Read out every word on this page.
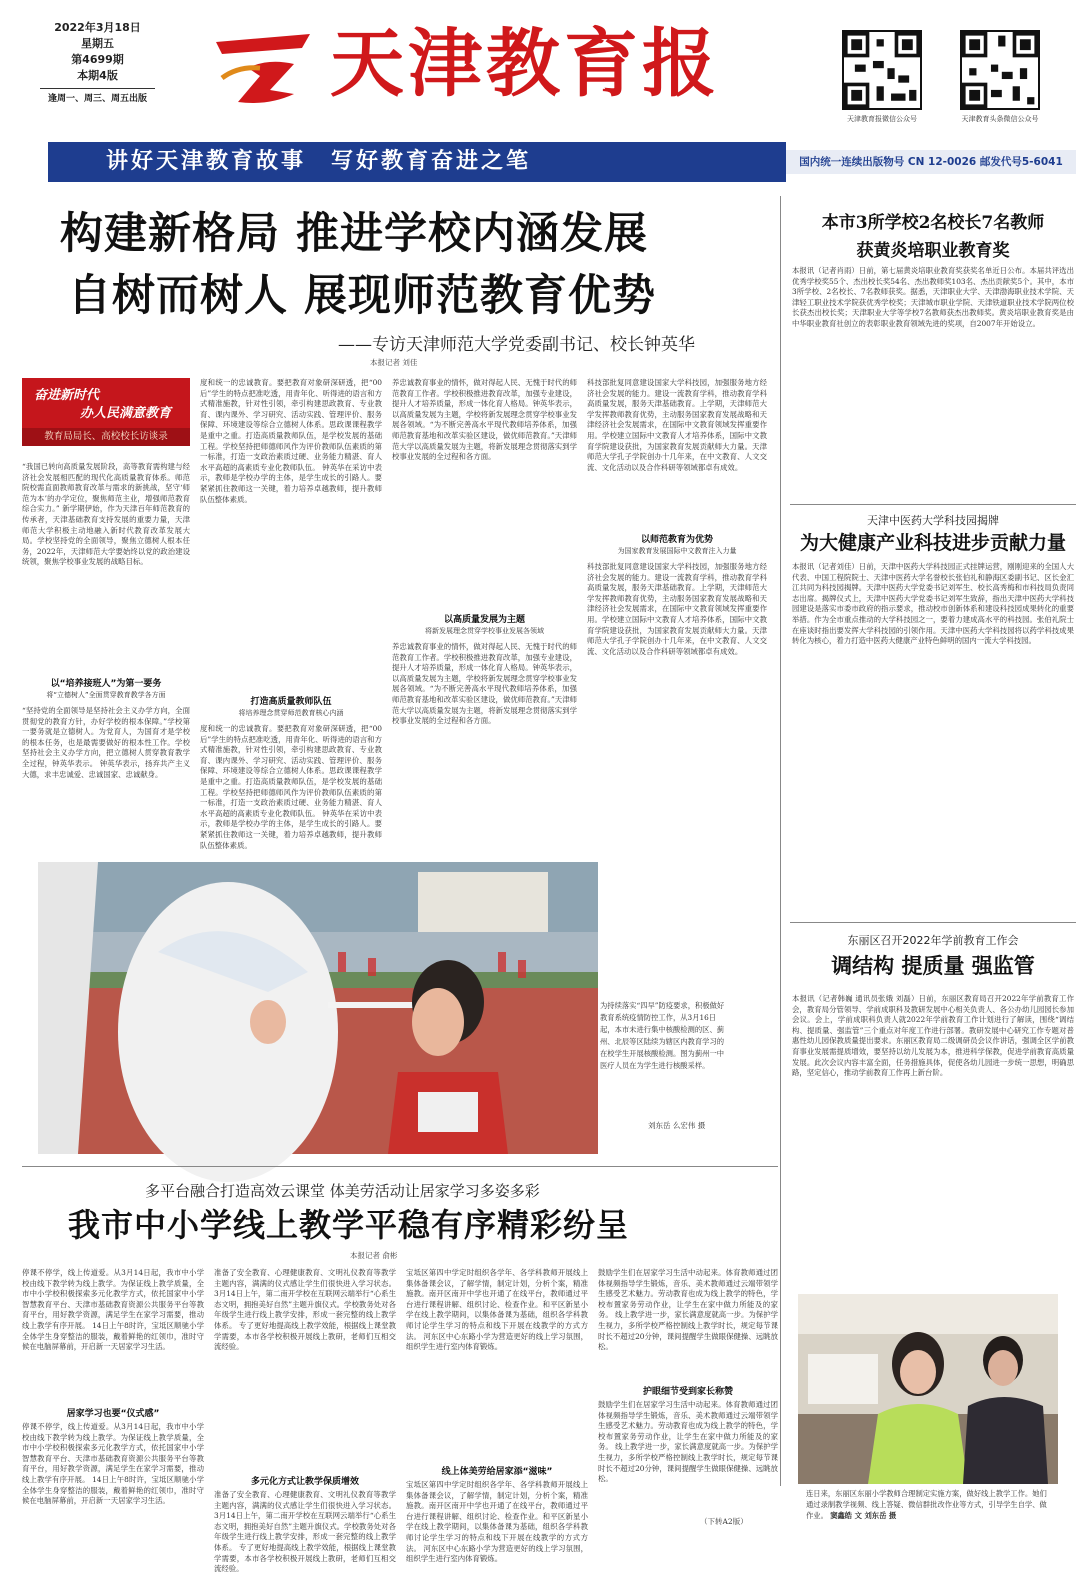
2022年3月18日
星期五
第4699期
本期4版
逢周一、周三、周五出版 天津教育报
天津教育报微信公众号	天津教育头条微信公众号
讲好天津教育故事　写好教育奋进之笔	国内统一连续出版物号 CN 12-0026 邮发代号5-6041
构建新格局 推进学校内涵发展
自树而树人 展现师范教育优势
——专访天津师范大学党委副书记、校长钟英华
本报记者 刘佳
奋进新时代
办人民满意教育
教育局局长、高校校长访谈录
“我国已转向高质量发展阶段，高等教育需构建与经济社会发展相匹配的现代化高质量教育体系。师范院校需直面教师教育改革与需求的新挑战，坚守‘师范为本’的办学定位，聚焦师范主业，增强师范教育综合实力。” 新学期伊始，作为天津百年师范教育的传承者，天津基础教育支持发展的重要力量，天津师范大学积极主动地融入新时代教育改革发展大局。学校坚持党的全面领导，聚焦立德树人根本任务，2022年，天津师范大学要始终以党的政治建设统领，聚焦学校事业发展的战略目标。
以“培养接班人”为第一要务
将“立德树人”全面贯穿教育教学各方面
“坚持党的全面领导是坚持社会主义办学方向，全面贯彻党的教育方针，办好学校的根本保障。”学校第一要务就是立德树人。为党育人，为国育才是学校的根本任务，也是最需要做好的根本性工作。学校坚持社会主义办学方向，把立德树人贯穿教育教学全过程，钟英华表示。 钟英华表示，扬弃共产主义大德，求丰忠诚爱、忠诚国家、忠诚献身。
度和统一的忠诚教育。要把教育对象研深研透，把“00后”学生的特点把准吃透，用青年化、听得进的语言和方式精准施教，针对性引领，牵引构建思政教育、专业教育、课内课外、学习研究、活动实践、管理评价、服务保障、环境建设等综合立德树人体系。思政课课程教学是重中之重。打造高质量教师队伍，是学校发展的基础工程。学校坚持把师德师风作为评价教师队伍素质的第一标准，打造一支政治素质过硬、业务能力精湛、育人水平高超的高素质专业化教师队伍。 钟英华在采访中表示，教师是学校办学的主体，是学生成长的引路人。要紧紧抓住教师这一关键，着力培养卓越教师，提升教师队伍整体素质。
打造高质量教师队伍
将培养理念贯穿师范教育核心内涵
度和统一的忠诚教育。要把教育对象研深研透，把“00后”学生的特点把准吃透，用青年化、听得进的语言和方式精准施教，针对性引领，牵引构建思政教育、专业教育、课内课外、学习研究、活动实践、管理评价、服务保障、环境建设等综合立德树人体系。思政课课程教学是重中之重。打造高质量教师队伍，是学校发展的基础工程。学校坚持把师德师风作为评价教师队伍素质的第一标准，打造一支政治素质过硬、业务能力精湛、育人水平高超的高素质专业化教师队伍。 钟英华在采访中表示，教师是学校办学的主体，是学生成长的引路人。要紧紧抓住教师这一关键，着力培养卓越教师，提升教师队伍整体素质。
养忠诚教育事业的情怀，做对得起人民、无愧于时代的师范教育工作者。学校积极推进教育改革，加强专业建设，提升人才培养质量，形成一体化育人格局。钟英华表示，以高质量发展为主题，学校将新发展理念贯穿学校事业发展各领域。“为不断完善高水平现代教师培养体系，加强师范教育基地和改革实验区建设，做优师范教育。”天津师范大学以高质量发展为主题，将新发展理念贯彻落实到学校事业发展的全过程和各方面。
以高质量发展为主题
将新发展理念贯穿学校事业发展各领域
养忠诚教育事业的情怀，做对得起人民、无愧于时代的师范教育工作者。学校积极推进教育改革，加强专业建设，提升人才培养质量，形成一体化育人格局。钟英华表示，以高质量发展为主题，学校将新发展理念贯穿学校事业发展各领域。“为不断完善高水平现代教师培养体系，加强师范教育基地和改革实验区建设，做优师范教育。”天津师范大学以高质量发展为主题，将新发展理念贯彻落实到学校事业发展的全过程和各方面。
科技部批复同意建设国家大学科技园，加强服务地方经济社会发展的能力。建设一流教育学科，推动教育学科高质量发展，服务天津基础教育。上学期，天津师范大学发挥教师教育优势，主动服务国家教育发展战略和天津经济社会发展需求，在国际中文教育领域发挥重要作用。学校建立国际中文教育人才培养体系，国际中文教育学院建设获批，为国家教育发展贡献师大力量。天津师范大学孔子学院创办十几年来，在中文教育、人文交流、文化活动以及合作科研等领域都卓有成效。
以师范教育为优势
为国家教育发展国际中文教育注入力量
科技部批复同意建设国家大学科技园，加强服务地方经济社会发展的能力。建设一流教育学科，推动教育学科高质量发展，服务天津基础教育。上学期，天津师范大学发挥教师教育优势，主动服务国家教育发展战略和天津经济社会发展需求，在国际中文教育领域发挥重要作用。学校建立国际中文教育人才培养体系，国际中文教育学院建设获批，为国家教育发展贡献师大力量。天津师范大学孔子学院创办十几年来，在中文教育、人文交流、文化活动以及合作科研等领域都卓有成效。
本市3所学校2名校长7名教师
获黄炎培职业教育奖
本报讯（记者肖雨）日前，第七届黄炎培职业教育奖获奖名单近日公布。本届共评选出优秀学校奖55个、杰出校长奖54名、杰出教师奖103名、杰出贡献奖5个。其中，本市3所学校、2名校长、7名教师获奖。据悉，天津职业大学、天津渤海职业技术学院、天津轻工职业技术学院获优秀学校奖；天津城市职业学院、天津铁道职业技术学院两位校长获杰出校长奖；天津职业大学等学校7名教师获杰出教师奖。黄炎培职业教育奖是由中华职业教育社创立的表彰职业教育领域先进的奖项，自2007年开始设立。
天津中医药大学科技园揭牌
为大健康产业科技进步贡献力量
本报讯（记者刘佳）日前，天津中医药大学科技园正式挂牌运营，刚刚迎来的全国人大代表、中国工程院院士、天津中医药大学名誉校长张伯礼和静海区委副书记、区长金汇江共同为科技园揭牌。天津中医药大学党委书记刘军生、校长高秀梅和市科技局负责同志出席。揭牌仪式上，天津中医药大学党委书记刘军生致辞，指出天津中医药大学科技园建设是落实市委市政府的指示要求，推动校市创新体系和建设科技园成果转化的重要举措。作为全市重点推动的大学科技园之一，要着力建成高水平的科技园。张伯礼院士在座谈时指出要发挥大学科技园的引领作用。天津中医药大学科技园将以药学科技成果转化为核心，着力打造中医药大健康产业特色鲜明的国内一流大学科技园。
东丽区召开2022年学前教育工作会
调结构 提质量 强监管
本报讯（记者韩巍 通讯员张娥 刘磊）日前，东丽区教育局召开2022年学前教育工作会，教育局分管领导、学前成职科及教研发展中心相关负责人、各公办幼儿园园长参加会议。会上，学前成职科负责人就2022年学前教育工作计划进行了解读，围绕“调结构、提质量、强监管”三个重点对年度工作进行部署。教研发展中心研究工作专题对普惠性幼儿园保教质量提出要求。东丽区教育局二级调研员会议作讲话，强调全区学前教育事业发展需提质增效，要坚持以幼儿发展为本，推进科学保教，促进学前教育高质量发展。此次会议内容丰富全面，任务措施具体，促使各幼儿园进一步统一思想，明确思路，坚定信心，推动学前教育工作再上新台阶。
为持续落实“四早”防疫要求，积极做好教育系统疫情防控工作，从3月16日起，本市未进行集中核酸检测的区、蓟州、北辰等区陆续为辖区内教育学习的在校学生开展核酸检测。图为蓟州一中医疗人员在为学生进行核酸采样。
刘东岳 么宏伟 摄
多平台融合打造高效云课堂 体美劳活动让居家学习多姿多彩
我市中小学线上教学平稳有序精彩纷呈
本报记者 俞彬
停课不停学，线上传道爱。从3月14日起，我市中小学校由线下教学转为线上教学。为保证线上教学质量，全市中小学校积极探索多元化教学方式，依托国家中小学智慧教育平台、天津市基础教育资源公共服务平台等教育平台，用好教学资源，满足学生在家学习需要，推动线上教学有序开展。 14日上午8时许，宝坻区顺驰小学全体学生身穿整洁的服装，戴着鲜艳的红领巾，准时守候在电脑屏幕前，开启新一天居家学习生活。
居家学习也要“仪式感”
停课不停学，线上传道爱。从3月14日起，我市中小学校由线下教学转为线上教学。为保证线上教学质量，全市中小学校积极探索多元化教学方式，依托国家中小学智慧教育平台、天津市基础教育资源公共服务平台等教育平台，用好教学资源，满足学生在家学习需要，推动线上教学有序开展。 14日上午8时许，宝坻区顺驰小学全体学生身穿整洁的服装，戴着鲜艳的红领巾，准时守候在电脑屏幕前，开启新一天居家学习生活。
准备了安全教育、心理健康教育、文明礼仪教育等教学主题内容，满满的仪式感让学生们很快进入学习状态。 3月14日上午，第二南开学校在互联网云端举行“心系生态文明，拥抱美好自然”主题升旗仪式。学校教务处对各年级学生进行线上教学安排，形成一套完整的线上教学体系。 专了更好地提高线上教学效能，根据线上课堂教学需要，本市各学校积极开展线上教研，老师们互相交流经验。
多元化方式让教学保质增效
准备了安全教育、心理健康教育、文明礼仪教育等教学主题内容，满满的仪式感让学生们很快进入学习状态。 3月14日上午，第二南开学校在互联网云端举行“心系生态文明，拥抱美好自然”主题升旗仪式。学校教务处对各年级学生进行线上教学安排，形成一套完整的线上教学体系。 专了更好地提高线上教学效能，根据线上课堂教学需要，本市各学校积极开展线上教研，老师们互相交流经验。
宝坻区第四中学定时组织各学年、各学科教师开展线上集体备课会议，了解学情，制定计划，分析个案，精准施教。南开区南开中学也开通了在线平台，教师通过平台进行课程讲解、组织讨论、检查作业。和平区新星小学在线上教学期间，以集体备课为基础，组织各学科教师讨论学生学习的特点和线下开展在线教学的方式方法。 河东区中心东路小学为营造更好的线上学习氛围，组织学生进行室内体育锻炼。
线上体美劳给居家添“滋味”
宝坻区第四中学定时组织各学年、各学科教师开展线上集体备课会议，了解学情，制定计划，分析个案，精准施教。南开区南开中学也开通了在线平台，教师通过平台进行课程讲解、组织讨论、检查作业。和平区新星小学在线上教学期间，以集体备课为基础，组织各学科教师讨论学生学习的特点和线下开展在线教学的方式方法。 河东区中心东路小学为营造更好的线上学习氛围，组织学生进行室内体育锻炼。
鼓励学生们在居家学习生活中动起来。体育教师通过团体视频指导学生锻炼，音乐、美术教师通过云端带领学生感受艺术魅力。劳动教育也成为线上教学的特色，学校布置家务劳动作业，让学生在家中做力所能及的家务。 线上教学进一步，家长满意度就高一步。为保护学生视力，多所学校严格控制线上教学时长，规定每节课时长不超过20分钟，课间提醒学生做眼保健操、远眺放松。
护眼细节受到家长称赞
鼓励学生们在居家学习生活中动起来。体育教师通过团体视频指导学生锻炼，音乐、美术教师通过云端带领学生感受艺术魅力。劳动教育也成为线上教学的特色，学校布置家务劳动作业，让学生在家中做力所能及的家务。 线上教学进一步，家长满意度就高一步。为保护学生视力，多所学校严格控制线上教学时长，规定每节课时长不超过20分钟，课间提醒学生做眼保健操、远眺放松。
（下转A2版）
连日来，东丽区东丽小学教师合理制定实施方案，做好线上教学工作。她们通过录制教学视频、线上答疑、微信群批改作业等方式，引导学生自学、做作业。 窦鑫皓 文 刘东岳 摄
